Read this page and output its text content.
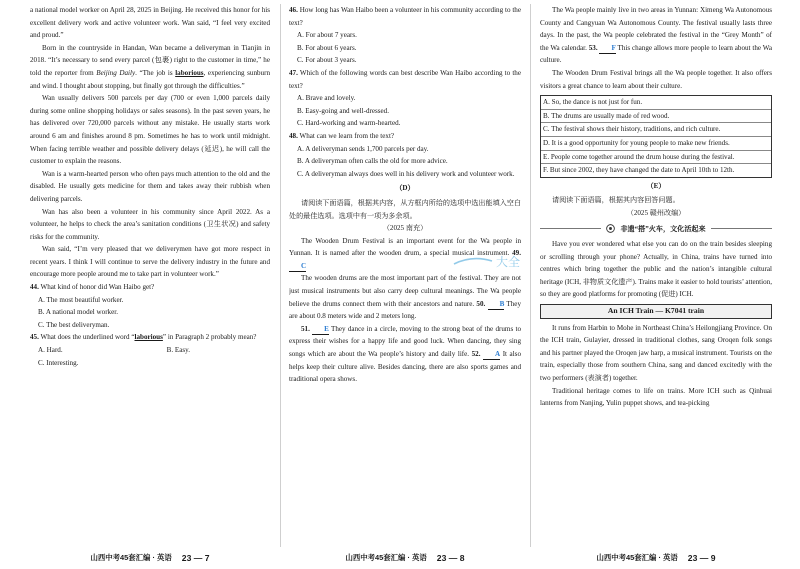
a national model worker on April 28, 2025 in Beijing. He received this honor for his excellent delivery work and active volunteer work. Wan said, “I feel very excited and proud.”

Born in the countryside in Handan, Wan became a deliveryman in Tianjin in 2018. “It’s necessary to send every parcel (包裹) right to the customer in time,” he told the reporter from Beijing Daily. “The job is laborious, experiencing sunburn and wind. I thought about stopping, but finally got through the difficulties.”

Wan usually delivers 500 parcels per day (700 or even 1,000 parcels daily during some online shopping holidays or sales seasons). In the past seven years, he has delivered over 720,000 parcels without any mistake. He usually starts work around 6 am and finishes around 8 pm. Sometimes he has to work until midnight. When facing terrible weather and possible delivery delays (延迟), he will call the customer to explain the reasons.

Wan is a warm-hearted person who often pays much attention to the old and the disabled. He usually gets medicine for them and takes away their rubbish when delivering parcels.

Wan has also been a volunteer in his community since April 2022. As a volunteer, he helps to check the area’s sanitation conditions (卫生状况) and safety risks for the community.

Wan said, “I’m very pleased that we deliverymen have got more respect in recent years. I think I will continue to serve the delivery industry in the future and encourage more people around me to take part in volunteer work.”

44. What kind of honor did Wan Haibo get?

A. The most beautiful worker.

B. A national model worker.

C. The best deliveryman.

45. What does the underlined word “laborious” in Paragraph 2 probably mean?

A. Hard.	B. Easy.

C. Interesting.

46. How long has Wan Haibo been a volunteer in his community according to the text?

A. For about 7 years.

B. For about 6 years.

C. For about 3 years.

47. Which of the following words can best describe Wan Haibo according to the text?

A. Brave and lovely.

B. Easy-going and well-dressed.

C. Hard-working and warm-hearted.

48. What can we learn from the text?

A. A deliveryman sends 1,700 parcels per day.

B. A deliveryman often calls the old for more advice.

C. A deliveryman always does well in his delivery work and volunteer work.

（D）

请阅读下面语篇，根据其内容，从方框内所给的选项中选出能填入空白处的最佳选项。选项中有一项为多余项。

（2025 南充）

The Wooden Drum Festival is an important event for the Wa people in Yunnan. It is named after the wooden drum, a special musical instrument. 49. C

The wooden drums are the most important part of the festival. They are not just musical instruments but also carry deep cultural meanings. The Wa people believe the drums connect them with their ancestors and nature. 50. B They are about 0.8 meters wide and 2 meters long.

51. E They dance in a circle, moving to the strong beat of the drums to express their wishes for a happy life and good luck. When dancing, they sing songs which are about the Wa people’s history and daily life. 52. A It also helps keep their culture alive. Besides dancing, there are also sports games and traditional opera shows.

The Wa people mainly live in two areas in Yunnan: Ximeng Wa Autonomous County and Cangyuan Wa Autonomous County. The festival usually lasts three days. In the past, the Wa people celebrated the festival in the “Grey Month” of the Wa calendar. 53. F This change allows more people to learn about the Wa culture.

The Wooden Drum Festival brings all the Wa people together. It also offers visitors a great chance to learn about their culture.

A. So, the dance is not just for fun.
B. The drums are usually made of red wood.
C. The festival shows their history, traditions, and rich culture.
D. It is a good opportunity for young people to make new friends.
E. People come together around the drum house during the festival.
F. But since 2002, they have changed the date to April 10th to 12th.

（E）

请阅读下面语篇，根据其内容回答问题。

（2025 赣州改编）

非遗“搭”火车，文化活起来

Have you ever wondered what else you can do on the train besides sleeping or scrolling through your phone? Actually, in China, trains have turned into centres which bring together the public and the nation’s intangible cultural heritage (ICH, 非物质文化遗产). Trains make it easier to hold tourists’ attention, so they are good platforms for promoting (促进) ICH.

An ICH Train — K7041 train

It runs from Harbin to Mohe in Northeast China’s Heilongjiang Province. On the ICH train, Gulayier, dressed in traditional clothes, sang Oroqen folk songs and his partner played the Oroqen jaw harp, a musical instrument. Tourists on the train, especially those from southern China, sang and danced excitedly with the two performers (表演者) together.

Traditional heritage comes to life on trains. More ICH such as Qinhuai lanterns from Nanjing, Yulin puppet shows, and tea-picking

大全
山西中考45套汇编 · 英语 23 — 7	山西中考45套汇编 · 英语 23 — 8	山西中考45套汇编 · 英语 23 — 9
